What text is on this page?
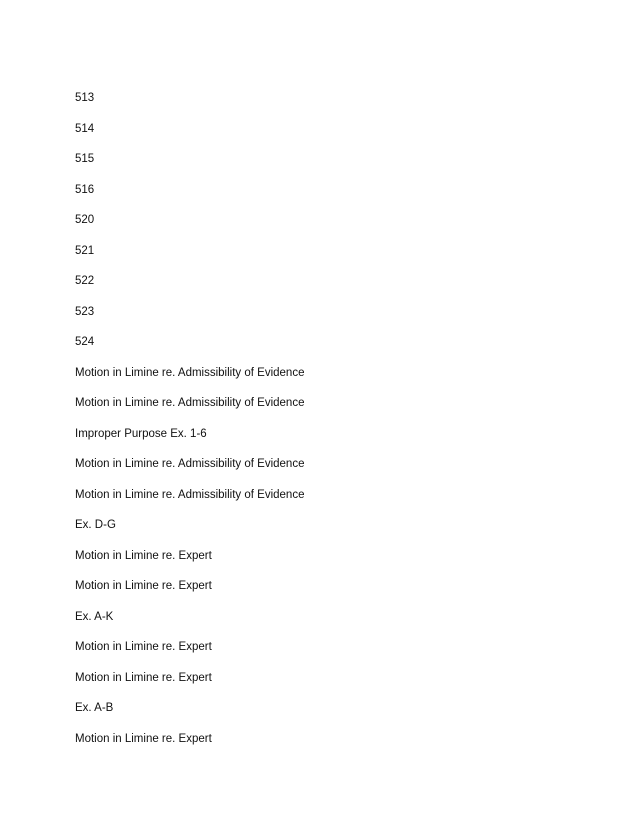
513
514
515
516
520
521
522
523
524
Motion in Limine re. Admissibility of Evidence
Motion in Limine re. Admissibility of Evidence
Improper Purpose Ex. 1-6
Motion in Limine re. Admissibility of Evidence
Motion in Limine re. Admissibility of Evidence
Ex. D-G
Motion in Limine re. Expert
Motion in Limine re. Expert
Ex. A-K
Motion in Limine re. Expert
Motion in Limine re. Expert
Ex. A-B
Motion in Limine re. Expert
